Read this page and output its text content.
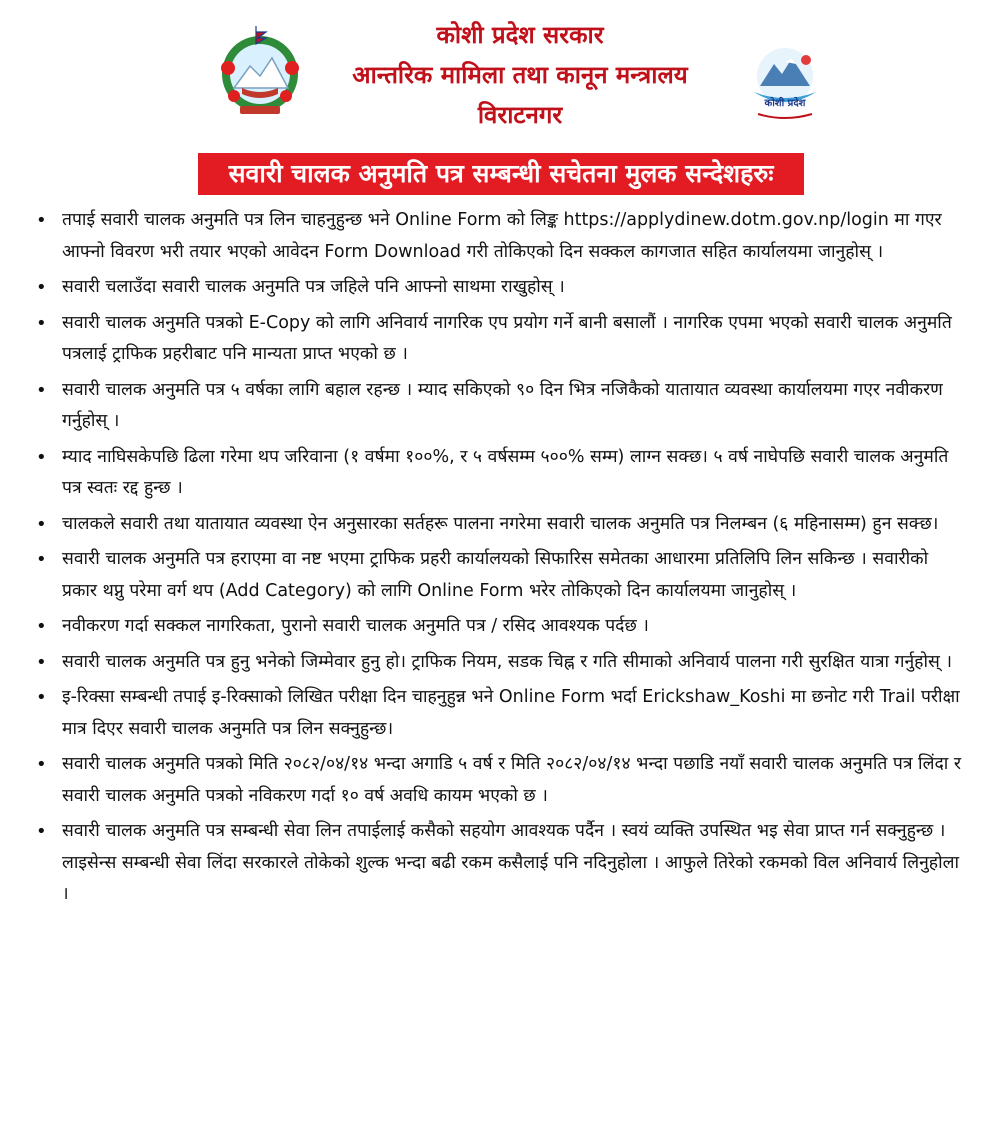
कोशी प्रदेश सरकार
आन्तरिक मामिला तथा कानून मन्त्रालय
विराटनगर	कोशी प्रदेश
सवारी चालक अनुमति पत्र सम्बन्धी सचेतना मुलक सन्देशहरुः
• तपाई सवारी चालक अनुमति पत्र लिन चाहनुहुन्छ भने Online Form को लिङ्क https://applydinew.dotm.gov.np/login मा गएर आफ्नो विवरण भरी तयार भएको आवेदन Form Download गरी तोकिएको दिन सक्कल कागजात सहित कार्यालयमा जानुहोस् ।
• सवारी चलाउँदा सवारी चालक अनुमति पत्र जहिले पनि आफ्नो साथमा राखुहोस् ।
• सवारी चालक अनुमति पत्रको E-Copy को लागि अनिवार्य नागरिक एप प्रयोग गर्ने बानी बसालौं । नागरिक एपमा भएको सवारी चालक अनुमति पत्रलाई ट्राफिक प्रहरीबाट पनि मान्यता प्राप्त भएको छ ।
• सवारी चालक अनुमति पत्र ५ वर्षका लागि बहाल रहन्छ । म्याद सकिएको ९० दिन भित्र नजिकैको यातायात व्यवस्था कार्यालयमा गएर नवीकरण गर्नुहोस् ।
• म्याद नाघिसकेपछि ढिला गरेमा थप जरिवाना (१ वर्षमा १००%, र ५ वर्षसम्म ५००% सम्म) लाग्न सक्छ। ५ वर्ष नाघेपछि सवारी चालक अनुमति पत्र स्वतः रद्द हुन्छ ।
• चालकले सवारी तथा यातायात व्यवस्था ऐन अनुसारका सर्तहरू पालना नगरेमा सवारी चालक अनुमति पत्र निलम्बन (६ महिनासम्म) हुन सक्छ।
• सवारी चालक अनुमति पत्र हराएमा वा नष्ट भएमा ट्राफिक प्रहरी कार्यालयको सिफारिस समेतका आधारमा प्रतिलिपि लिन सकिन्छ । सवारीको प्रकार थप्नु परेमा वर्ग थप (Add Category) को लागि Online Form भरेर तोकिएको दिन कार्यालयमा जानुहोस् ।
• नवीकरण गर्दा सक्कल नागरिकता, पुरानो सवारी चालक अनुमति पत्र / रसिद आवश्यक पर्दछ ।
• सवारी चालक अनुमति पत्र हुनु भनेको जिम्मेवार हुनु हो। ट्राफिक नियम, सडक चिह्न र गति सीमाको अनिवार्य पालना गरी सुरक्षित यात्रा गर्नुहोस् ।
• इ-रिक्सा सम्बन्धी तपाई इ-रिक्साको लिखित परीक्षा दिन चाहनुहुन्न भने Online Form भर्दा Erickshaw_Koshi मा छनोट गरी Trail परीक्षा मात्र दिएर सवारी चालक अनुमति पत्र लिन सक्नुहुन्छ।
• सवारी चालक अनुमति पत्रको मिति २०८२/०४/१४ भन्दा अगाडि ५ वर्ष र मिति २०८२/०४/१४ भन्दा पछाडि नयाँ सवारी चालक अनुमति पत्र लिंदा र सवारी चालक अनुमति पत्रको नविकरण गर्दा १० वर्ष अवधि कायम भएको छ ।
• सवारी चालक अनुमति पत्र सम्बन्धी सेवा लिन तपाईलाई कसैको सहयोग आवश्यक पर्दैन । स्वयं व्यक्ति उपस्थित भइ सेवा प्राप्त गर्न सक्नुहुन्छ । लाइसेन्स सम्बन्धी सेवा लिंदा सरकारले तोकेको शुल्क भन्दा बढी रकम कसैलाई पनि नदिनुहोला । आफुले तिरेको रकमको विल अनिवार्य लिनुहोला ।
